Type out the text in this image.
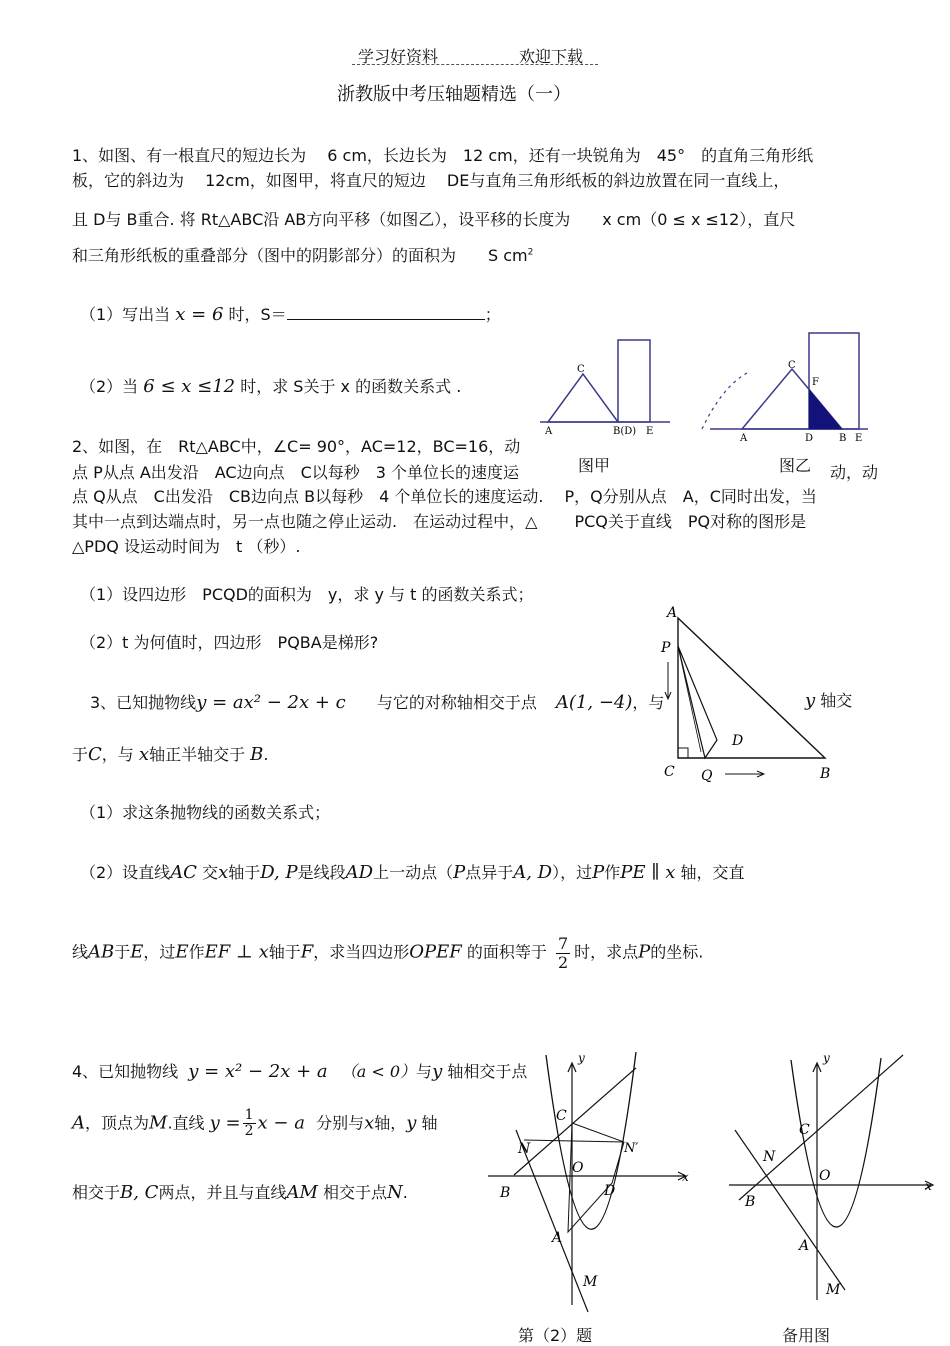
学习好资料	欢迎下载
浙教版中考压轴题精选（一）
1、如图、有一根直尺的短边长为　 6 cm，长边长为　12 cm，还有一块锐角为　45°　的直角三角形纸
板，它的斜边为　 12cm，如图甲，将直尺的短边　 DE与直角三角形纸板的斜边放置在同一直线上，
且 D与 B重合. 将 Rt△ABC沿 AB方向平移（如图乙），设平移的长度为　　x cm（0 ≤ x ≤12），直尺
和三角形纸板的重叠部分（图中的阴影部分）的面积为　　S $cm^2$
（1）写出当 x = 6 时，S＝	；
（2）当 6 ≤ x ≤12 时，求 S关于 x 的函数关系式 .
C
A	B(D) E
图甲
C
F
A	D	B E
图乙
2、如图，在　Rt△ABC中，∠C= 90°，AC=12，BC=16，动
点 P从点 A出发沿　AC边向点　C以每秒　3 个单位长的速度运	动，动
点 Q从点　C出发沿　CB边向点 B以每秒　4 个单位长的速度运动.　 P，Q分别从点　A，C同时出发，当
其中一点到达端点时，另一点也随之停止运动.　在运动过程中，△　　 PCQ关于直线　PQ对称的图形是
△PDQ 设运动时间为　t （秒）.
（1）设四边形　PCQD的面积为　y，求 y 与 t 的函数关系式；
（2）t 为何值时，四边形　PQBA是梯形?
A
P
D
C Q	B
3、已知抛物线y = ax² − 2x + c 与它的对称轴相交于点 A(1, −4)，与	y 轴交
于C，与 x轴正半轴交于 B.
（1）求这条抛物线的函数关系式；
（2）设直线AC 交x轴于D, P是线段AD上一动点（P点异于A, D），过P作PE ∥ x 轴，交直
线AB于E，过E作EF ⊥ x轴于F，求当四边形OPEF 的面积等于 $\frac{7}{2}$ 时，求点P的坐标.
4、已知抛物线 y = x² − 2x + a （a < 0）与y 轴相交于点
A，顶点为M.直线 $y = \frac{1}{2}$ x − a 分别与x轴，y 轴
相交于B, C两点，并且与直线AM 相交于点N.
y
x
C
N	N′
O
B	D
A
M
第（2）题
y
x
C
N
O
B
A
M
备用图
